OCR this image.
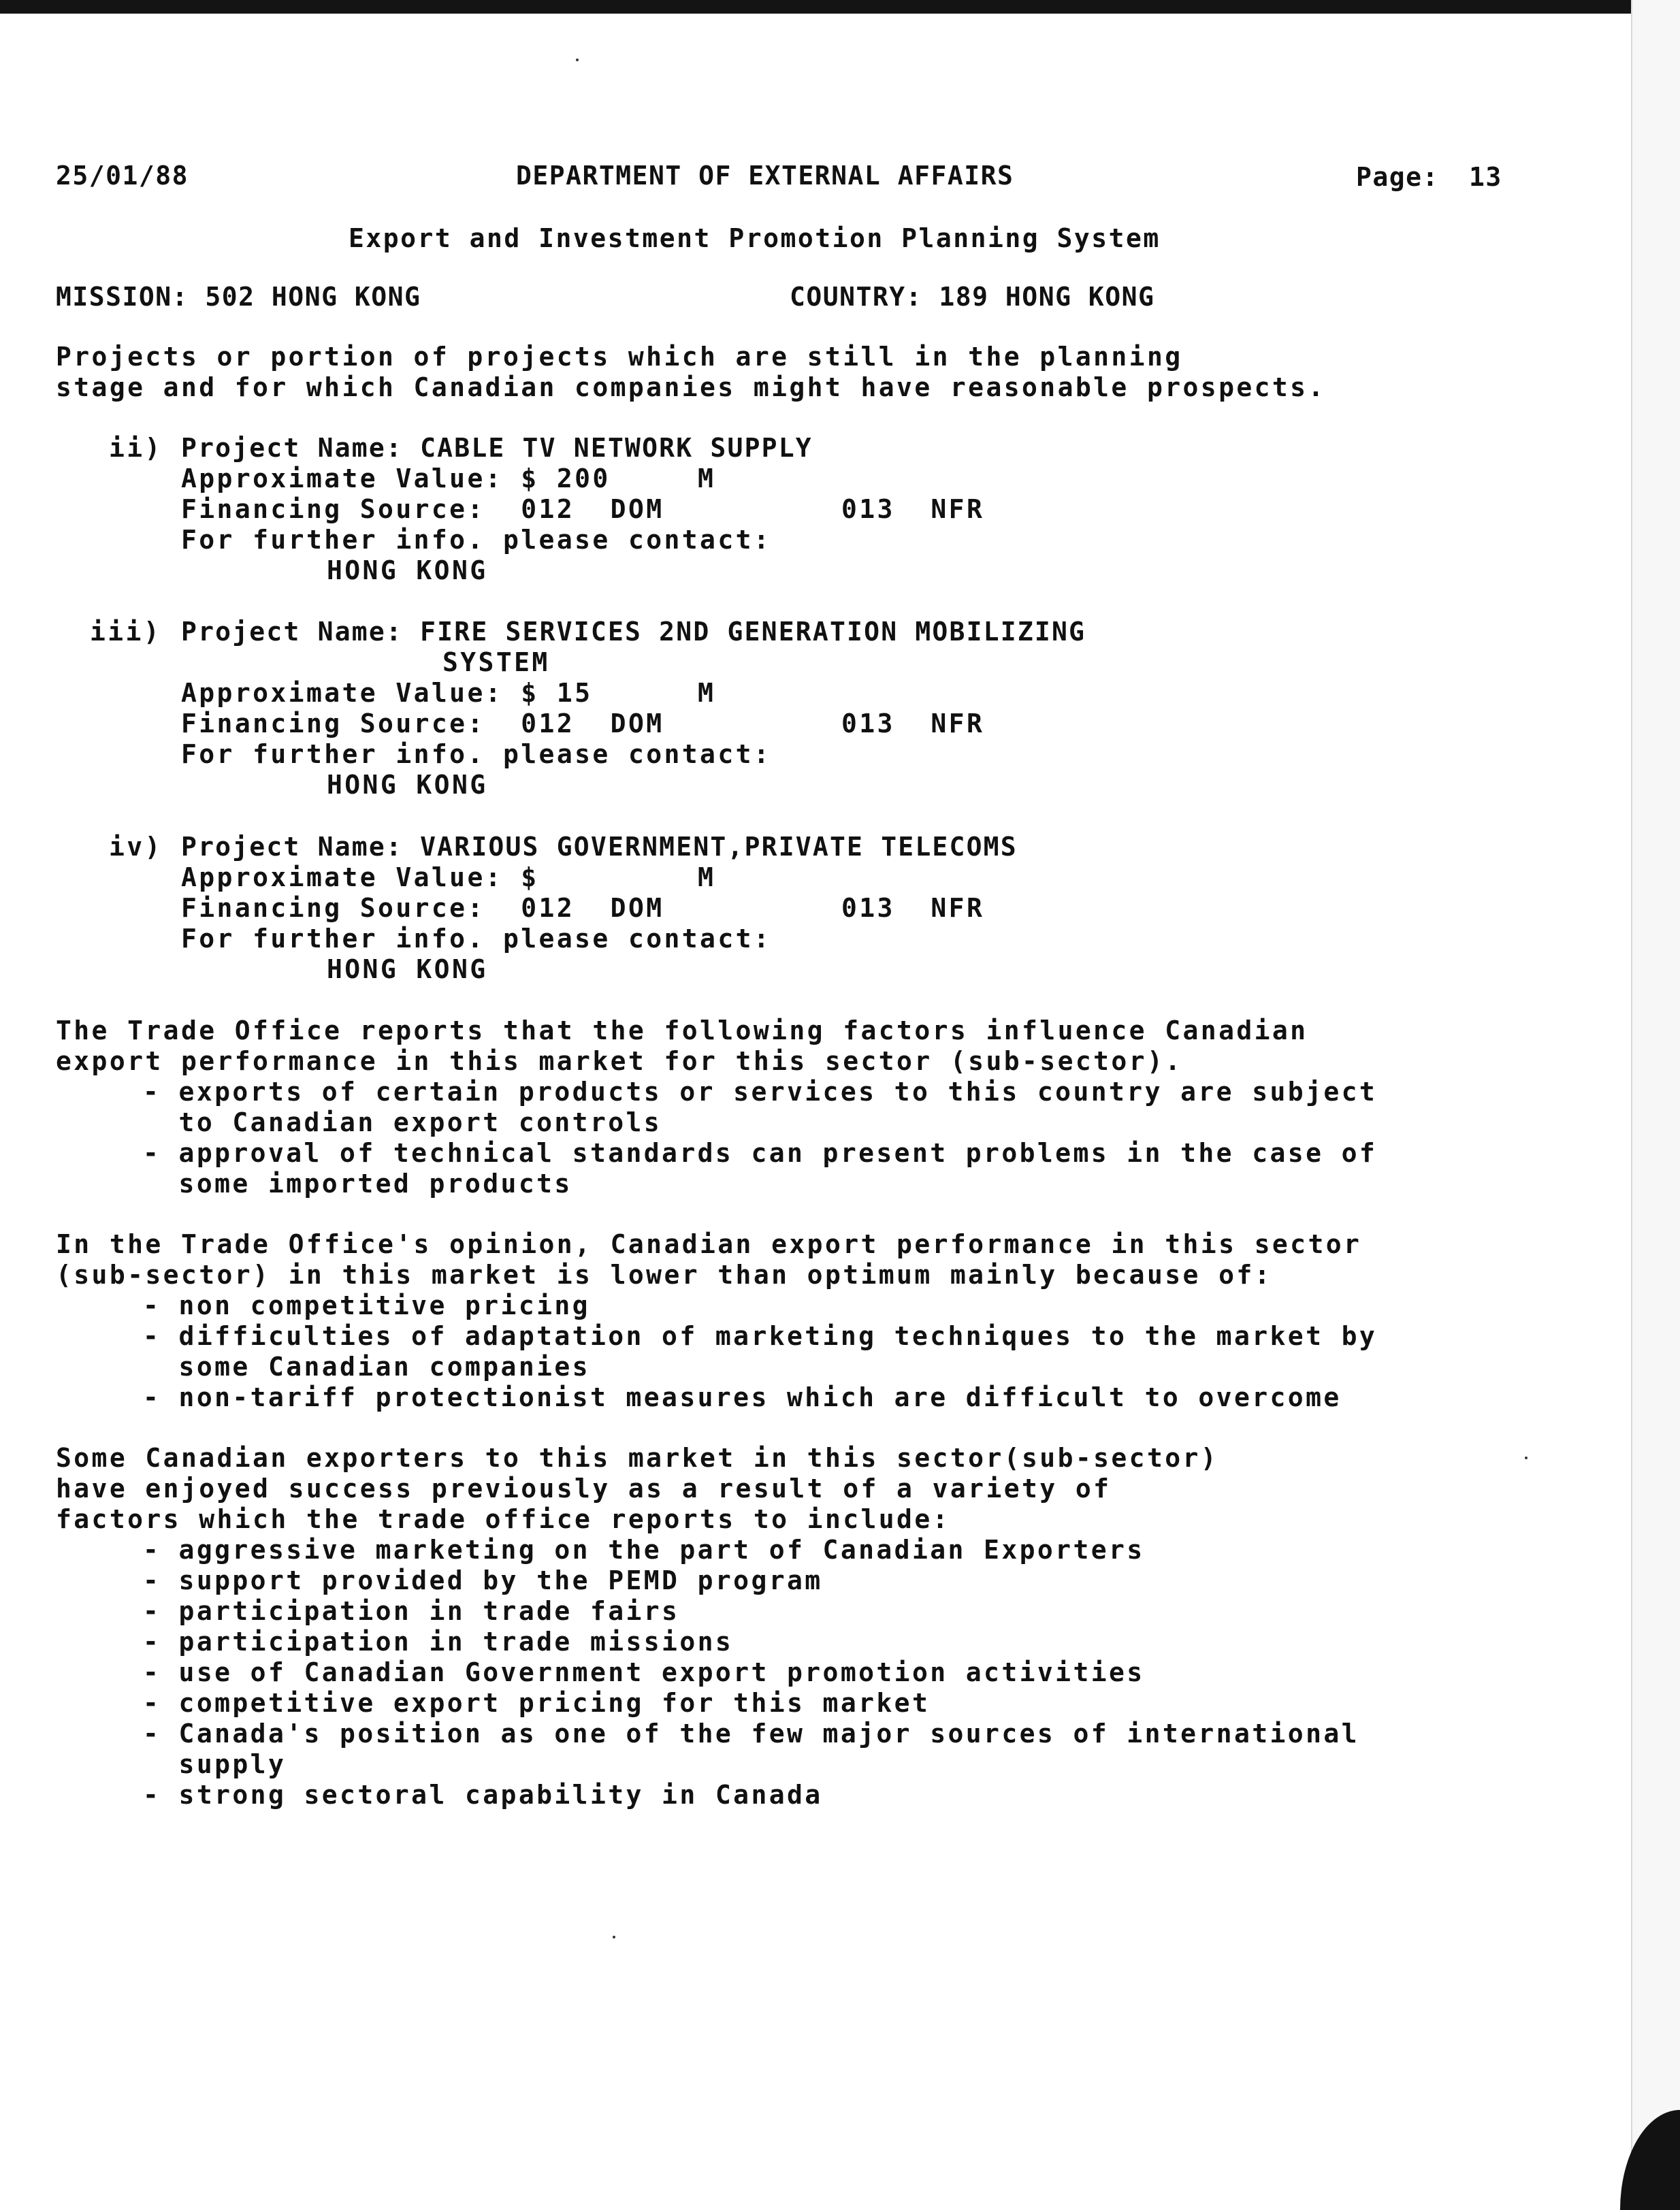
25/01/88	DEPARTMENT OF EXTERNAL AFFAIRS	Page: 13
Export and Investment Promotion Planning System
MISSION: 502 HONG KONG	COUNTRY: 189 HONG KONG
Projects or portion of projects which are still in the planning
stage and for which Canadian companies might have reasonable prospects.
ii) Project Name: CABLE TV NETWORK SUPPLY
Approximate Value: $ 200	M
Financing Source:  012  DOM	013  NFR
For further info. please contact:
HONG KONG
iii) Project Name: FIRE SERVICES 2ND GENERATION MOBILIZING
SYSTEM
Approximate Value: $ 15	M
Financing Source:  012  DOM	013  NFR
For further info. please contact:
HONG KONG
iv) Project Name: VARIOUS GOVERNMENT,PRIVATE TELECOMS
Approximate Value: $	M
Financing Source:  012  DOM	013  NFR
For further info. please contact:
HONG KONG
The Trade Office reports that the following factors influence Canadian
export performance in this market for this sector (sub-sector).
- exports of certain products or services to this country are subject
to Canadian export controls
- approval of technical standards can present problems in the case of
some imported products
In the Trade Office's opinion, Canadian export performance in this sector
(sub-sector) in this market is lower than optimum mainly because of:
- non competitive pricing
- difficulties of adaptation of marketing techniques to the market by
some Canadian companies
- non-tariff protectionist measures which are difficult to overcome
Some Canadian exporters to this market in this sector(sub-sector)
have enjoyed success previously as a result of a variety of
factors which the trade office reports to include:
- aggressive marketing on the part of Canadian Exporters
- support provided by the PEMD program
- participation in trade fairs
- participation in trade missions
- use of Canadian Government export promotion activities
- competitive export pricing for this market
- Canada's position as one of the few major sources of international
supply
- strong sectoral capability in Canada
